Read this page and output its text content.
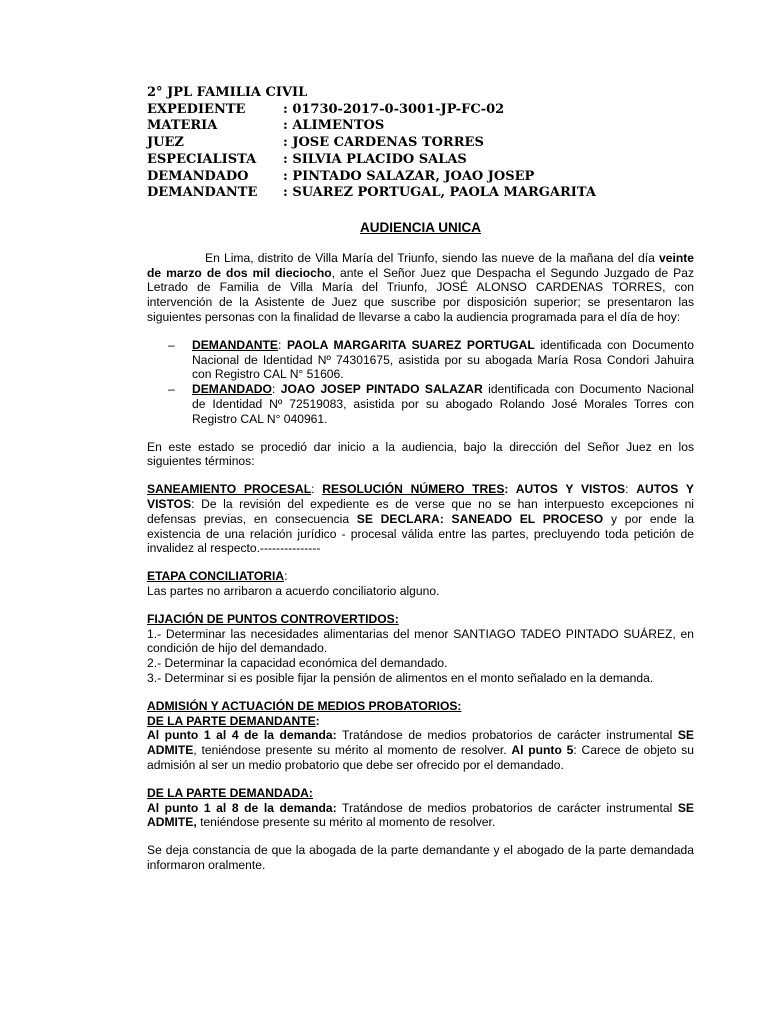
2° JPL FAMILIA CIVIL
EXPEDIENTE	: 01730-2017-0-3001-JP-FC-02
MATERIA	: ALIMENTOS
JUEZ	: JOSE CARDENAS TORRES
ESPECIALISTA	: SILVIA PLACIDO SALAS
DEMANDADO	: PINTADO SALAZAR, JOAO JOSEP
DEMANDANTE	: SUAREZ PORTUGAL, PAOLA MARGARITA
AUDIENCIA UNICA

En Lima, distrito de Villa María del Triunfo, siendo las nueve de la mañana del día veinte de marzo de dos mil dieciocho, ante el Señor Juez que Despacha el Segundo Juzgado de Paz Letrado de Familia de Villa María del Triunfo, JOSÉ ALONSO CARDENAS TORRES, con intervención de la Asistente de Juez que suscribe por disposición superior; se presentaron las siguientes personas con la finalidad de llevarse a cabo la audiencia programada para el día de hoy:

– DEMANDANTE: PAOLA MARGARITA SUAREZ PORTUGAL identificada con Documento Nacional de Identidad Nº 74301675, asistida por su abogada María Rosa Condori Jahuira con Registro CAL N° 51606.
– DEMANDADO: JOAO JOSEP PINTADO SALAZAR identificada con Documento Nacional de Identidad Nº 72519083, asistida por su abogado Rolando José Morales Torres con Registro CAL N° 040961.

En este estado se procedió dar inicio a la audiencia, bajo la dirección del Señor Juez en los siguientes términos:

SANEAMIENTO PROCESAL: RESOLUCIÓN NÚMERO TRES: AUTOS Y VISTOS: AUTOS Y VISTOS: De la revisión del expediente es de verse que no se han interpuesto excepciones ni defensas previas, en consecuencia SE DECLARA: SANEADO EL PROCESO y por ende la existencia de una relación jurídico - procesal válida entre las partes, precluyendo toda petición de invalidez al respecto.---------------

ETAPA CONCILIATORIA:

Las partes no arribaron a acuerdo conciliatorio alguno.

FIJACIÓN DE PUNTOS CONTROVERTIDOS:

1.- Determinar las necesidades alimentarias del menor SANTIAGO TADEO PINTADO SUÁREZ, en condición de hijo del demandado.

2.- Determinar la capacidad económica del demandado.

3.- Determinar si es posible fijar la pensión de alimentos en el monto señalado en la demanda.

ADMISIÓN Y ACTUACIÓN DE MEDIOS PROBATORIOS:

DE LA PARTE DEMANDANTE:

Al punto 1 al 4 de la demanda: Tratándose de medios probatorios de carácter instrumental SE ADMITE, teniéndose presente su mérito al momento de resolver. Al punto 5: Carece de objeto su admisión al ser un medio probatorio que debe ser ofrecido por el demandado.

DE LA PARTE DEMANDADA:

Al punto 1 al 8 de la demanda: Tratándose de medios probatorios de carácter instrumental SE ADMITE, teniéndose presente su mérito al momento de resolver.

Se deja constancia de que la abogada de la parte demandante y el abogado de la parte demandada informaron oralmente.
